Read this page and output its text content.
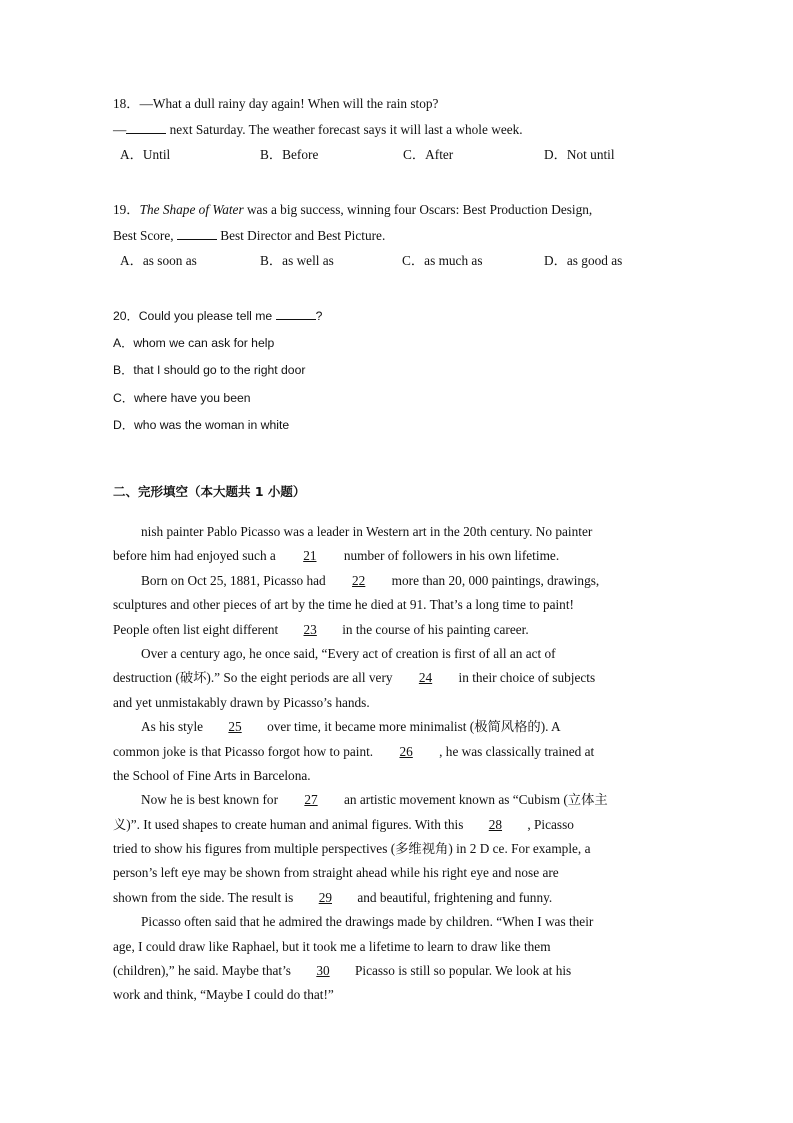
18．—What a dull rainy day again! When will the rain stop?
—	next Saturday. The weather forecast says it will last a whole week.
A．Until	B．Before	C．After	D．Not until
19．The Shape of Water was a big success, winning four Oscars: Best Production Design,
Best Score,	Best Director and Best Picture.
A．as soon as	B．as well as	C．as much as	D．as good as
20．Could you please tell me	?
A．whom we can ask for help
B．that I should go to the right door
C．where have you been
D．who was the woman in white
二、完形填空（本大题共 1 小题）
nish painter Pablo Picasso was a leader in Western art in the 20th century. No painter
before him had enjoyed such a 21 number of followers in his own lifetime.
Born on Oct 25, 1881, Picasso had 22 more than 20, 000 paintings, drawings,
sculptures and other pieces of art by the time he died at 91. That’s a long time to paint!
People often list eight different 23 in the course of his painting career.
Over a century ago, he once said, “Every act of creation is first of all an act of
destruction (破坏).” So the eight periods are all very 24 in their choice of subjects
and yet unmistakably drawn by Picasso’s hands.
As his style 25 over time, it became more minimalist (极简风格的). A
common joke is that Picasso forgot how to paint. 26 , he was classically trained at
the School of Fine Arts in Barcelona.
Now he is best known for 27 an artistic movement known as “Cubism (立体主
义)”. It used shapes to create human and animal figures. With this 28 , Picasso
tried to show his figures from multiple perspectives (多维视角) in 2 D ce. For example, a
person’s left eye may be shown from straight ahead while his right eye and nose are
shown from the side. The result is 29 and beautiful, frightening and funny.
Picasso often said that he admired the drawings made by children. “When I was their
age, I could draw like Raphael, but it took me a lifetime to learn to draw like them
(children),” he said. Maybe that’s 30 Picasso is still so popular. We look at his
work and think, “Maybe I could do that!”
